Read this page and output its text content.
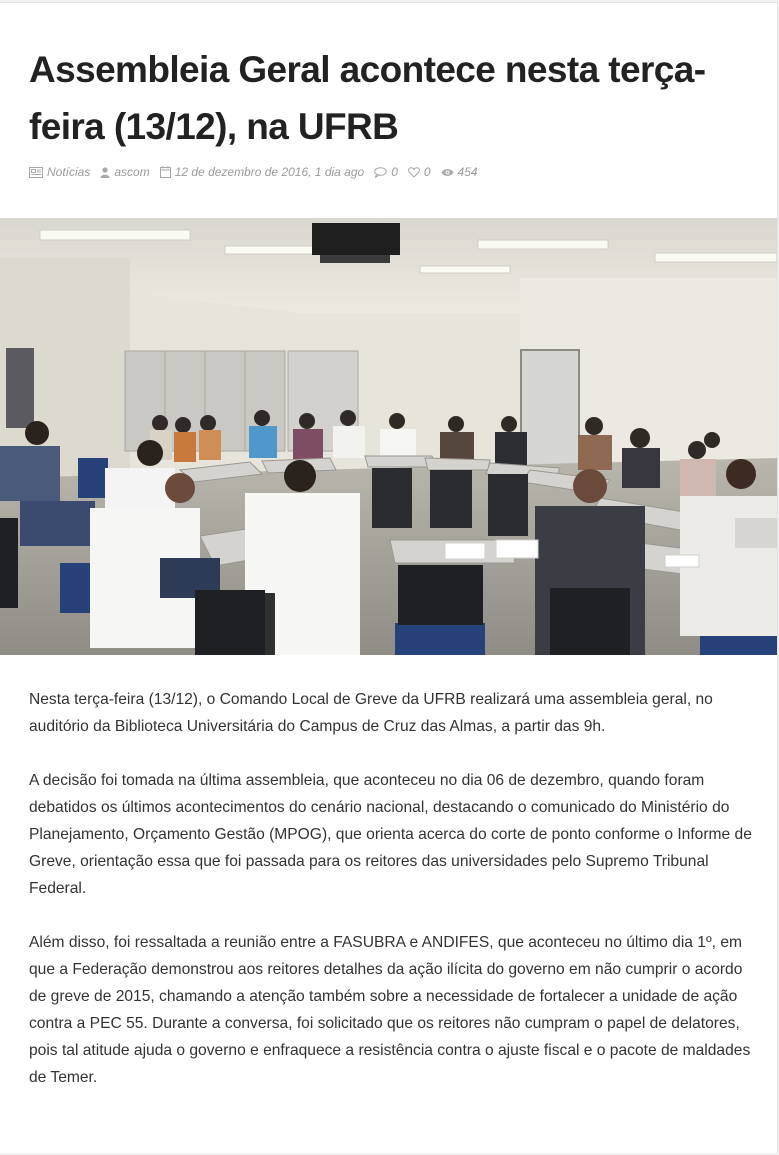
Assembleia Geral acontece nesta terça-feira (13/12), na UFRB
Notícias ascom 12 de dezembro de 2016, 1 dia ago 0 0 454

Nesta terça-feira (13/12), o Comando Local de Greve da UFRB realizará uma assembleia geral, no auditório da Biblioteca Universitária do Campus de Cruz das Almas, a partir das 9h.

A decisão foi tomada na última assembleia, que aconteceu no dia 06 de dezembro, quando foram debatidos os últimos acontecimentos do cenário nacional, destacando o comunicado do Ministério do Planejamento, Orçamento Gestão (MPOG), que orienta acerca do corte de ponto conforme o Informe de Greve, orientação essa que foi passada para os reitores das universidades pelo Supremo Tribunal Federal.

Além disso, foi ressaltada a reunião entre a FASUBRA e ANDIFES, que aconteceu no último dia 1º, em que a Federação demonstrou aos reitores detalhes da ação ilícita do governo em não cumprir o acordo de greve de 2015, chamando a atenção também sobre a necessidade de fortalecer a unidade de ação contra a PEC 55. Durante a conversa, foi solicitado que os reitores não cumpram o papel de delatores, pois tal atitude ajuda o governo e enfraquece a resistência contra o ajuste fiscal e o pacote de maldades de Temer.
